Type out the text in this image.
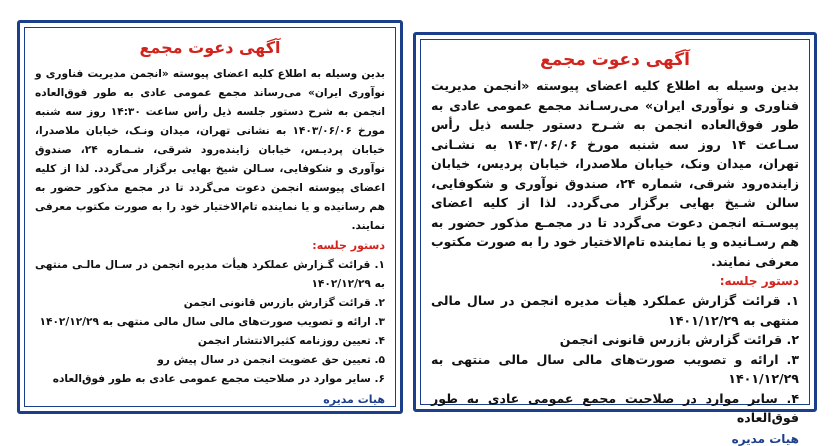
آگهی دعوت مجمع
بدین وسیله به اطلاع کلیه اعضای پیوسته «انجمن مدیریت فناوری و نوآوری ایران» می‌رساند مجمع عمومی عادی به طور فوق‌العاده انجمن به شرح دستور جلسه ذیل رأس ساعت ۱۴:۳۰ روز سه شنبه مورخ ۱۴۰۳/۰۶/۰۶ به نشانی تهران، میدان ونـک، خیابان ملاصدرا، خیابان پردیـس، خیابان زاینده‌رود شرقی، شـماره ۲۴، صندوق نوآوری و شکوفایی، سـالن شیخ بهایی برگزار می‌گردد. لذا از کلیه اعضای پیوسته انجمن دعوت می‌گردد تا در مجمع مذکور حضور به هم رسانیده و یا نماینده تام‌الاختیار خود را به صورت مکتوب معرفی نمایند.
دستور جلسه:
۱. قرائت گـزارش عملکرد هیأت مدیره انجمن در سـال مالـی منتهی به ۱۴۰۲/۱۲/۲۹
۲. قرائت گزارش بازرس قانونی انجمن
۳. ارائه و تصویب صورت‌های مالی سال مالی منتهی به ۱۴۰۲/۱۲/۲۹
۴. تعیین روزنامه کثیرالانتشار انجمن
۵. تعیین حق عضویت انجمن در سال پیش رو
۶. سایر موارد در صلاحیت مجمع عمومی عادی به طور فوق‌العاده
هیات مدیره
آگهی دعوت مجمع
بدین وسیله به اطلاع کلیه اعضای پیوسته «انجمن مدیریت فناوری و نوآوری ایران» می‌رسـاند مجمع عمومی عادی به طور فوق‌العاده انجمن به شـرح دستور جلسه ذیل رأس سـاعت ۱۴ روز سه شنبه مورخ ۱۴۰۳/۰۶/۰۶ به نشـانی تهران، میدان ونک، خیابان ملاصدرا، خیابان پردیس، خیابان زاینده‌رود شرقی، شماره ۲۴، صندوق نوآوری و شکوفایی، سالن شـیخ بهایی برگزار می‌گردد. لذا از کلیه اعضای پیوسـته انجمن دعوت می‌گردد تا در مجمـع مذکور حضور به هم رسـانیده و یا نماینده تام‌الاختیار خود را به صورت مکتوب معرفی نمایند.
دستور جلسه:
۱. قرائت گزارش عملکرد هیأت مدیره انجمن در سال مالی منتهی به ۱۴۰۱/۱۲/۲۹
۲. قرائت گزارش بازرس قانونی انجمن
۳. ارائه و تصویب صورت‌های مالی سال مالی منتهی به ۱۴۰۱/۱۲/۲۹
۴. سایر موارد در صلاحیت مجمع عمومی عادی به طور فوق‌العاده
هیات مدیره
